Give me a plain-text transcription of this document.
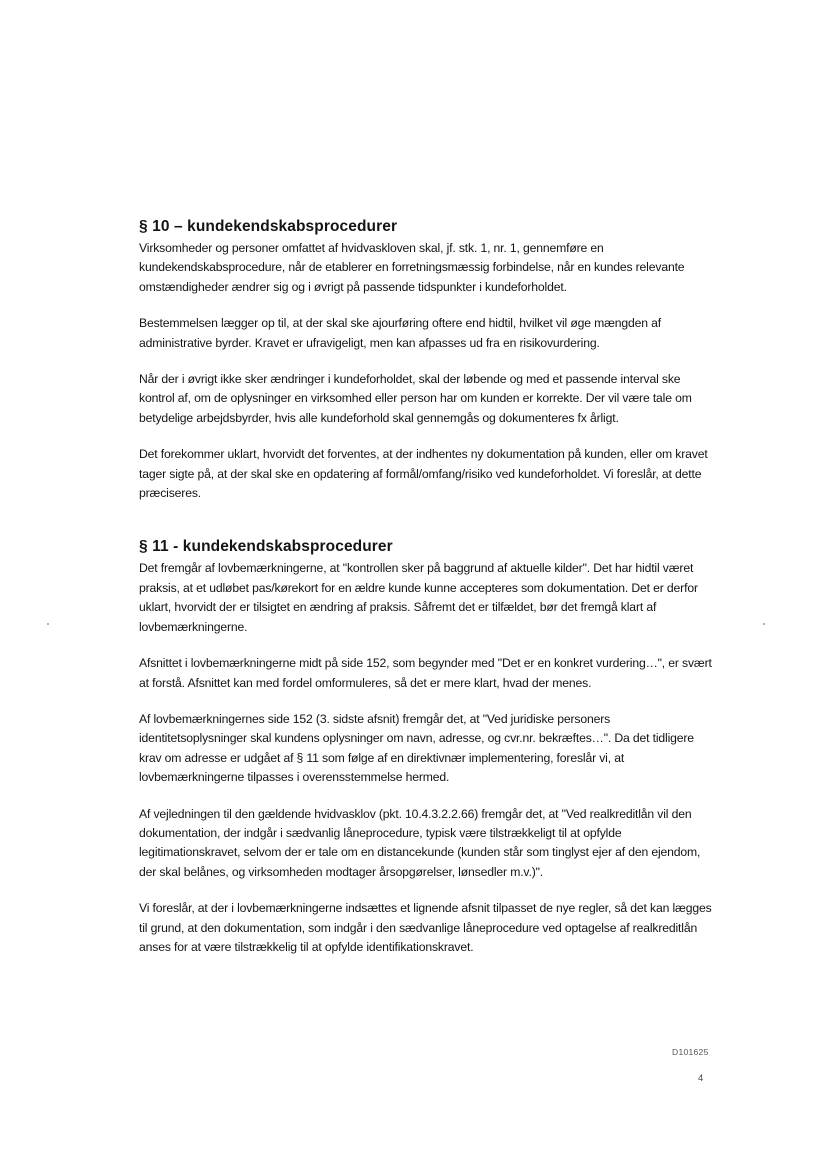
§ 10 – kundekendskabsprocedurer

Virksomheder og personer omfattet af hvidvaskloven skal, jf. stk. 1, nr. 1, gennemføre en kundekendskabsprocedure, når de etablerer en forretningsmæssig forbindelse, når en kundes relevante omstændigheder ændrer sig og i øvrigt på passende tidspunkter i kundeforholdet.

Bestemmelsen lægger op til, at der skal ske ajourføring oftere end hidtil, hvilket vil øge mængden af administrative byrder. Kravet er ufravigeligt, men kan afpasses ud fra en risikovurdering.

Når der i øvrigt ikke sker ændringer i kundeforholdet, skal der løbende og med et passende interval ske kontrol af, om de oplysninger en virksomhed eller person har om kunden er korrekte. Der vil være tale om betydelige arbejdsbyrder, hvis alle kundeforhold skal gennemgås og dokumenteres fx årligt.

Det forekommer uklart, hvorvidt det forventes, at der indhentes ny dokumentation på kunden, eller om kravet tager sigte på, at der skal ske en opdatering af formål/omfang/risiko ved kundeforholdet. Vi foreslår, at dette præciseres.

§ 11 - kundekendskabsprocedurer

Det fremgår af lovbemærkningerne, at "kontrollen sker på baggrund af aktuelle kilder". Det har hidtil været praksis, at et udløbet pas/kørekort for en ældre kunde kunne accepteres som dokumentation. Det er derfor uklart, hvorvidt der er tilsigtet en ændring af praksis. Såfremt det er tilfældet, bør det fremgå klart af lovbemærkningerne.

Afsnittet i lovbemærkningerne midt på side 152, som begynder med "Det er en konkret vurdering…", er svært at forstå. Afsnittet kan med fordel omformuleres, så det er mere klart, hvad der menes.

Af lovbemærkningernes side 152 (3. sidste afsnit) fremgår det, at "Ved juridiske personers identitetsoplysninger skal kundens oplysninger om navn, adresse, og cvr.nr. bekræftes…". Da det tidligere krav om adresse er udgået af § 11 som følge af en direktivnær implementering, foreslår vi, at lovbemærkningerne tilpasses i overensstemmelse hermed.

Af vejledningen til den gældende hvidvasklov (pkt. 10.4.3.2.2.66) fremgår det, at "Ved realkreditlån vil den dokumentation, der indgår i sædvanlig låneprocedure, typisk være tilstrækkeligt til at opfylde legitimationskravet, selvom der er tale om en distancekunde (kunden står som tinglyst ejer af den ejendom, der skal belånes, og virksomheden modtager årsopgørelser, lønsedler m.v.)".

Vi foreslår, at der i lovbemærkningerne indsættes et lignende afsnit tilpasset de nye regler, så det kan lægges til grund, at den dokumentation, som indgår i den sædvanlige låneprocedure ved optagelse af realkreditlån anses for at være tilstrækkelig til at opfylde identifikationskravet.

D101625
4
